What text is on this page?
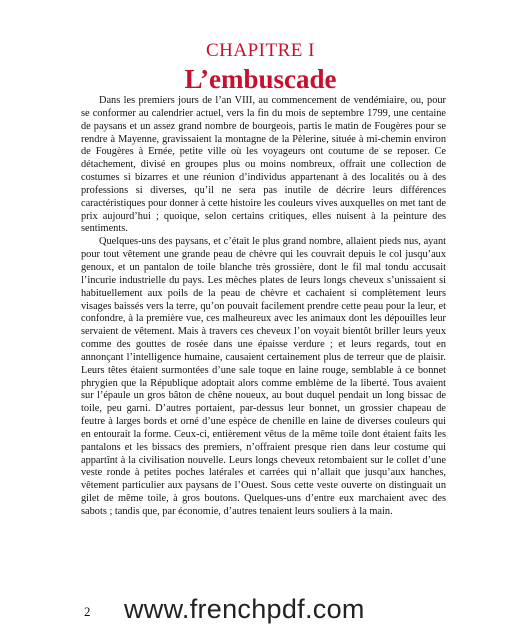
CHAPITRE I
L’embuscade

Dans les premiers jours de l’an VIII, au commencement de vendémiaire, ou, pour se conformer au calendrier actuel, vers la fin du mois de septembre 1799, une centaine de paysans et un assez grand nombre de bourgeois, partis le matin de Fougères pour se rendre à Mayenne, gravissaient la montagne de la Pèlerine, située à mi-chemin environ de Fougères à Ernée, petite ville où les voyageurs ont coutume de se reposer. Ce détachement, divisé en groupes plus ou moins nombreux, offrait une collection de costumes si bizarres et une réunion d’individus appartenant à des localités ou à des professions si diverses, qu’il ne sera pas inutile de décrire leurs différences caractéristiques pour donner à cette histoire les couleurs vives auxquelles on met tant de prix aujourd’hui ; quoique, selon certains critiques, elles nuisent à la peinture des sentiments.

Quelques-uns des paysans, et c’était le plus grand nombre, allaient pieds nus, ayant pour tout vêtement une grande peau de chèvre qui les couvrait depuis le col jusqu’aux genoux, et un pantalon de toile blanche très grossière, dont le fil mal tondu accusait l’incurie industrielle du pays. Les mèches plates de leurs longs cheveux s’unissaient si habituellement aux poils de la peau de chèvre et cachaient si complètement leurs visages baissés vers la terre, qu’on pouvait facilement prendre cette peau pour la leur, et confondre, à la première vue, ces malheureux avec les animaux dont les dépouilles leur servaient de vêtement. Mais à travers ces cheveux l’on voyait bientôt briller leurs yeux comme des gouttes de rosée dans une épaisse verdure ; et leurs regards, tout en annonçant l’intelligence humaine, causaient certainement plus de terreur que de plaisir. Leurs têtes étaient surmontées d’une sale toque en laine rouge, semblable à ce bonnet phrygien que la République adoptait alors comme emblème de la liberté. Tous avaient sur l’épaule un gros bâton de chêne noueux, au bout duquel pendait un long bissac de toile, peu garni. D’autres portaient, par-dessus leur bonnet, un grossier chapeau de feutre à larges bords et orné d’une espèce de chenille en laine de diverses couleurs qui en entourait la forme. Ceux-ci, entièrement vêtus de la même toile dont étaient faits les pantalons et les bissacs des premiers, n’offraient presque rien dans leur costume qui appartînt à la civilisation nouvelle. Leurs longs cheveux retombaient sur le collet d’une veste ronde à petites poches latérales et carrées qui n’allait que jusqu’aux hanches, vêtement particulier aux paysans de l’Ouest. Sous cette veste ouverte on distinguait un gilet de même toile, à gros boutons. Quelques-uns d’entre eux marchaient avec des sabots ; tandis que, par économie, d’autres tenaient leurs souliers à la main.

2 www.frenchpdf.com
